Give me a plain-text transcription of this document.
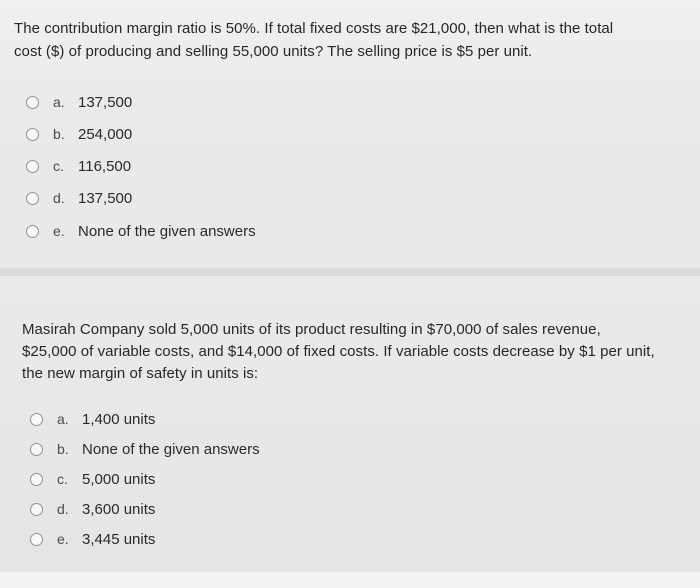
The contribution margin ratio is 50%. If total fixed costs are $21,000, then what is the total
cost ($) of producing and selling 55,000 units? The selling price is $5 per unit.
a. 137,500
b. 254,000
c. 116,500
d. 137,500
e. None of the given answers
Masirah Company sold 5,000 units of its product resulting in $70,000 of sales revenue,
$25,000 of variable costs, and $14,000 of fixed costs. If variable costs decrease by $1 per unit,
the new margin of safety in units is:
a. 1,400 units
b. None of the given answers
c. 5,000 units
d. 3,600 units
e. 3,445 units
